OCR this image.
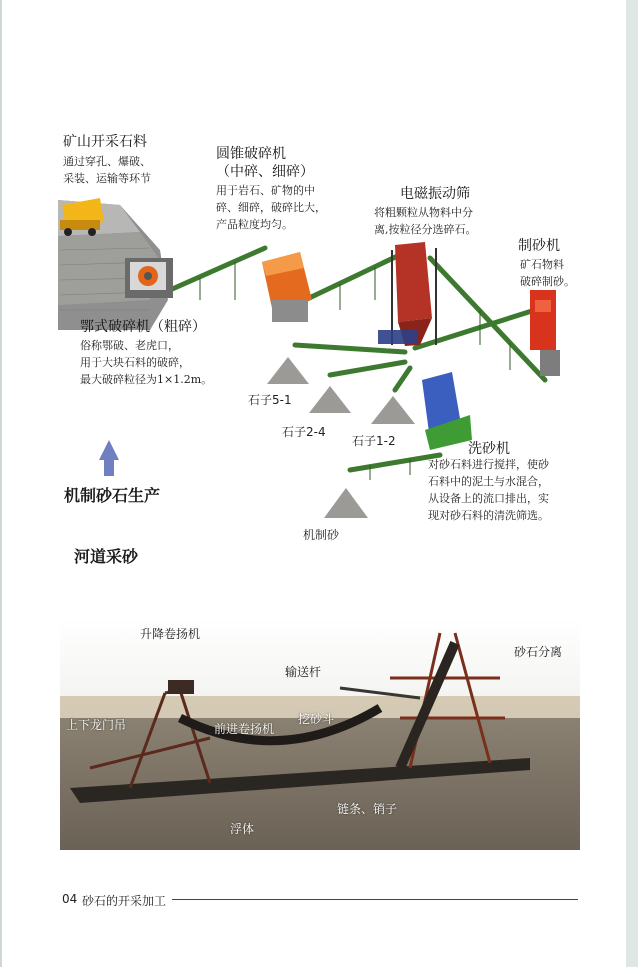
矿山开采石料
通过穿孔、爆破、
采装、运输等环节
圆锥破碎机
（中碎、细碎）
用于岩石、矿物的中
碎、细碎，破碎比大，
产品粒度均匀。
电磁振动筛
将粗颗粒从物料中分
离,按粒径分选碎石。
制砂机
矿石物料
破碎制砂。
鄂式破碎机（粗碎）
俗称鄂破、老虎口，
用于大块石料的破碎，
最大破碎粒径为1×1.2m。
洗砂机
对砂石料进行搅拌，使砂
石料中的泥土与水混合，
从设备上的流口排出，实
现对砂石料的清洗筛选。
石子5-1
石子2-4
石子1-2
机制砂
机制砂石生产
河道采砂
升降卷扬机
输送杆
砂石分离
上下龙门吊	前进卷扬机
挖砂斗
链条、销子
浮体
04 砂石的开采加工
